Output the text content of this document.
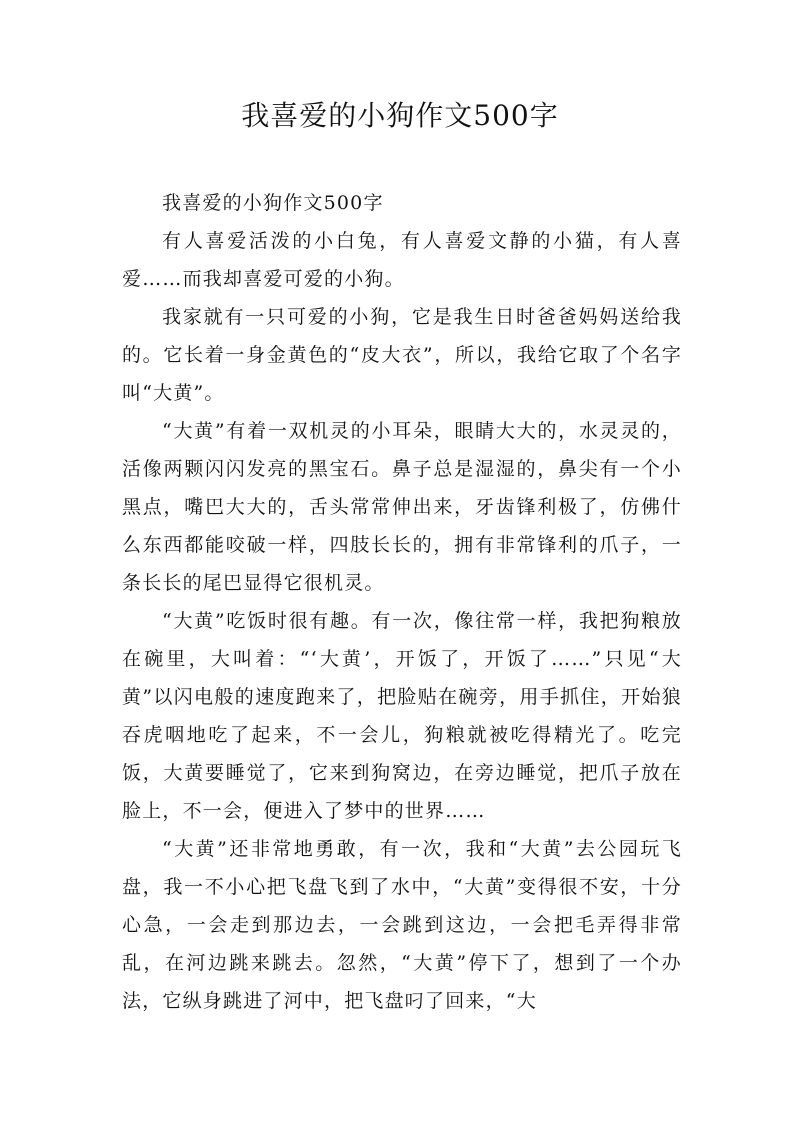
我喜爱的小狗作文500字

我喜爱的小狗作文500字

有人喜爱活泼的小白兔，有人喜爱文静的小猫，有人喜爱……而我却喜爱可爱的小狗。

我家就有一只可爱的小狗，它是我生日时爸爸妈妈送给我的。它长着一身金黄色的“皮大衣”，所以，我给它取了个名字叫“大黄”。

“大黄”有着一双机灵的小耳朵，眼睛大大的，水灵灵的，活像两颗闪闪发亮的黑宝石。鼻子总是湿湿的，鼻尖有一个小黑点，嘴巴大大的，舌头常常伸出来，牙齿锋利极了，仿佛什么东西都能咬破一样，四肢长长的，拥有非常锋利的爪子，一条长长的尾巴显得它很机灵。

“大黄”吃饭时很有趣。有一次，像往常一样，我把狗粮放在碗里，大叫着：“‘大黄’，开饭了，开饭了……”只见“大黄”以闪电般的速度跑来了，把脸贴在碗旁，用手抓住，开始狼吞虎咽地吃了起来，不一会儿，狗粮就被吃得精光了。吃完饭，大黄要睡觉了，它来到狗窝边，在旁边睡觉，把爪子放在脸上，不一会，便进入了梦中的世界……

“大黄”还非常地勇敢，有一次，我和“大黄”去公园玩飞盘，我一不小心把飞盘飞到了水中，“大黄”变得很不安，十分心急，一会走到那边去，一会跳到这边，一会把毛弄得非常乱，在河边跳来跳去。忽然，“大黄”停下了，想到了一个办法，它纵身跳进了河中，把飞盘叼了回来，“大
